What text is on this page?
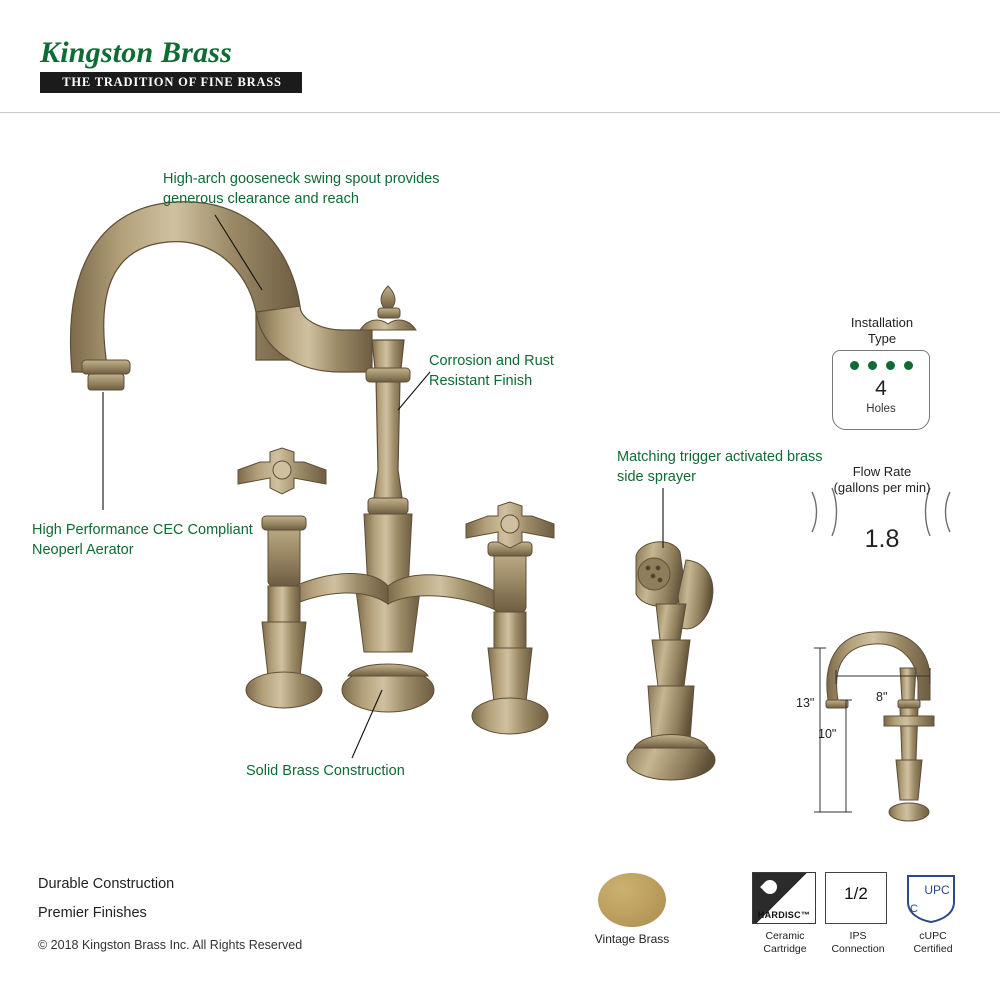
Kingston Brass
THE TRADITION OF FINE BRASS
High-arch gooseneck swing spout provides generous clearance and reach
Corrosion and Rust Resistant Finish
Matching trigger activated brass side sprayer
High Performance CEC Compliant Neoperl Aerator
Solid Brass Construction
Installation
Type
4
Holes
Flow Rate
(gallons per min)
1.8
13"
10"
8"
Durable Construction
Premier Finishes
© 2018 Kingston Brass Inc. All Rights Reserved	Vintage Brass
HARDISC™
Ceramic
Cartridge
1/2
IPS
Connection
UPC
C
cUPC
Certified
